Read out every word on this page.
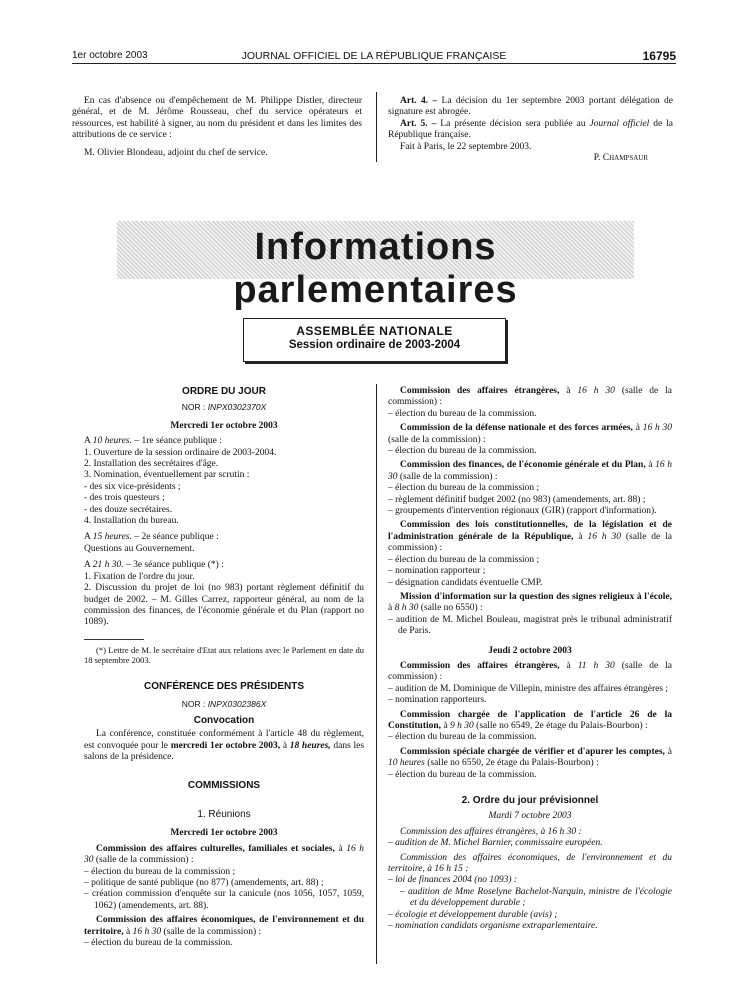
1er octobre 2003	JOURNAL OFFICIEL DE LA RÉPUBLIQUE FRANÇAISE	16795

En cas d'absence ou d'empêchement de M. Philippe Distler, directeur général, et de M. Jérôme Rousseau, chef du service opérateurs et ressources, est habilité à signer, au nom du président et dans les limites des attributions de ce service :

M. Olivier Blondeau, adjoint du chef de service.

Art. 4. – La décision du 1er septembre 2003 portant délégation de signature est abrogée.

Art. 5. – La présente décision sera publiée au Journal officiel de la République française.

Fait à Paris, le 22 septembre 2003.

P. Champsaur

Informations parlementaires
ASSEMBLÉE NATIONALE
Session ordinaire de 2003-2004

ORDRE DU JOUR

NOR : INPX0302370X

Mercredi 1er octobre 2003

A 10 heures. – 1re séance publique :

1. Ouverture de la session ordinaire de 2003-2004.

2. Installation des secrétaires d'âge.

3. Nomination, éventuellement par scrutin :

- des six vice-présidents ;

- des trois questeurs ;

- des douze secrétaires.

4. Installation du bureau.

A 15 heures. – 2e séance publique :

Questions au Gouvernement.

A 21 h 30. – 3e séance publique (*) :

1. Fixation de l'ordre du jour.

2. Discussion du projet de loi (no 983) portant règlement définitif du budget de 2002. – M. Gilles Carrez, rapporteur général, au nom de la commission des finances, de l'économie générale et du Plan (rapport no 1089).

(*) Lettre de M. le secrétaire d'Etat aux relations avec le Parlement en date du 18 septembre 2003.

CONFÉRENCE DES PRÉSIDENTS

NOR : INPX0302386X

Convocation

La conférence, constituée conformément à l'article 48 du règlement, est convoquée pour le mercredi 1er octobre 2003, à 18 heures, dans les salons de la présidence.

COMMISSIONS

1. Réunions

Mercredi 1er octobre 2003

Commission des affaires culturelles, familiales et sociales, à 16 h 30 (salle de la commission) :

– élection du bureau de la commission ;

– politique de santé publique (no 877) (amendements, art. 88) ;

– création commission d'enquête sur la canicule (nos 1056, 1057, 1059, 1062) (amendements, art. 88).

Commission des affaires économiques, de l'environnement et du territoire, à 16 h 30 (salle de la commission) :

– élection du bureau de la commission.

Commission des affaires étrangères, à 16 h 30 (salle de la commission) :

– élection du bureau de la commission.

Commission de la défense nationale et des forces armées, à 16 h 30 (salle de la commission) :

– élection du bureau de la commission.

Commission des finances, de l'économie générale et du Plan, à 16 h 30 (salle de la commission) :

– élection du bureau de la commission ;

– règlement définitif budget 2002 (no 983) (amendements, art. 88) ;

– groupements d'intervention régionaux (GIR) (rapport d'information).

Commission des lois constitutionnelles, de la législation et de l'administration générale de la République, à 16 h 30 (salle de la commission) :

– élection du bureau de la commission ;

– nomination rapporteur ;

– désignation candidats éventuelle CMP.

Mission d'information sur la question des signes religieux à l'école, à 8 h 30 (salle no 6550) :

– audition de M. Michel Bouleau, magistrat près le tribunal administratif de Paris.

Jeudi 2 octobre 2003

Commission des affaires étrangères, à 11 h 30 (salle de la commission) :

– audition de M. Dominique de Villepin, ministre des affaires étrangères ;

– nomination rapporteurs.

Commission chargée de l'application de l'article 26 de la Constitution, à 9 h 30 (salle no 6549, 2e étage du Palais-Bourbon) :

– élection du bureau de la commission.

Commission spéciale chargée de vérifier et d'apurer les comptes, à 10 heures (salle no 6550, 2e étage du Palais-Bourbon) :

– élection du bureau de la commission.

2. Ordre du jour prévisionnel

Mardi 7 octobre 2003

Commission des affaires étrangères, à 16 h 30 :

– audition de M. Michel Barnier, commissaire européen.

Commission des affaires économiques, de l'environnement et du territoire, à 16 h 15 :

– loi de finances 2004 (no 1093) :

– audition de Mme Roselyne Bachelot-Narquin, ministre de l'écologie et du développement durable ;

– écologie et développement durable (avis) ;

– nomination candidats organisme extraparlementaire.
